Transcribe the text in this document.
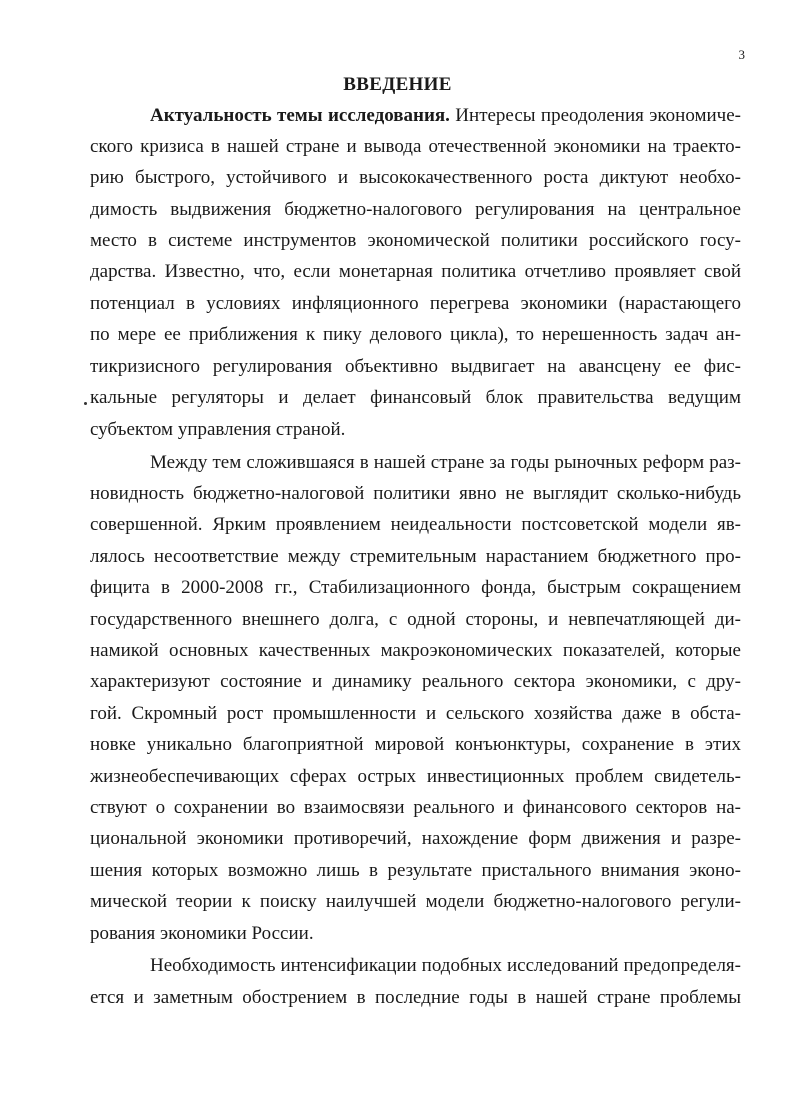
3
ВВЕДЕНИЕ
Актуальность темы исследования. Интересы преодоления экономиче-
ского кризиса в нашей стране и вывода отечественной экономики на траекто-
рию быстрого, устойчивого и высококачественного роста диктуют необхо-
димость выдвижения бюджетно-налогового регулирования на центральное
место в системе инструментов экономической политики российского госу-
дарства. Известно, что, если монетарная политика отчетливо проявляет свой
потенциал в условиях инфляционного перегрева экономики (нарастающего
по мере ее приближения к пику делового цикла), то нерешенность задач ан-
тикризисного регулирования объективно выдвигает на авансцену ее фис-
кальные регуляторы и делает финансовый блок правительства ведущим
субъектом управления страной.
Между тем сложившаяся в нашей стране за годы рыночных реформ раз-
новидность бюджетно-налоговой политики явно не выглядит сколько-нибудь
совершенной. Ярким проявлением неидеальности постсоветской модели яв-
лялось несоответствие между стремительным нарастанием бюджетного про-
фицита в 2000-2008 гг., Стабилизационного фонда, быстрым сокращением
государственного внешнего долга, с одной стороны, и невпечатляющей ди-
намикой основных качественных макроэкономических показателей, которые
характеризуют состояние и динамику реального сектора экономики, с дру-
гой. Скромный рост промышленности и сельского хозяйства даже в обста-
новке уникально благоприятной мировой конъюнктуры, сохранение в этих
жизнеобеспечивающих сферах острых инвестиционных проблем свидетель-
ствуют о сохранении во взаимосвязи реального и финансового секторов на-
циональной экономики противоречий, нахождение форм движения и разре-
шения которых возможно лишь в результате пристального внимания эконо-
мической теории к поиску наилучшей модели бюджетно-налогового регули-
рования экономики России.
Необходимость интенсификации подобных исследований предопределя-
ется и заметным обострением в последние годы в нашей стране проблемы
